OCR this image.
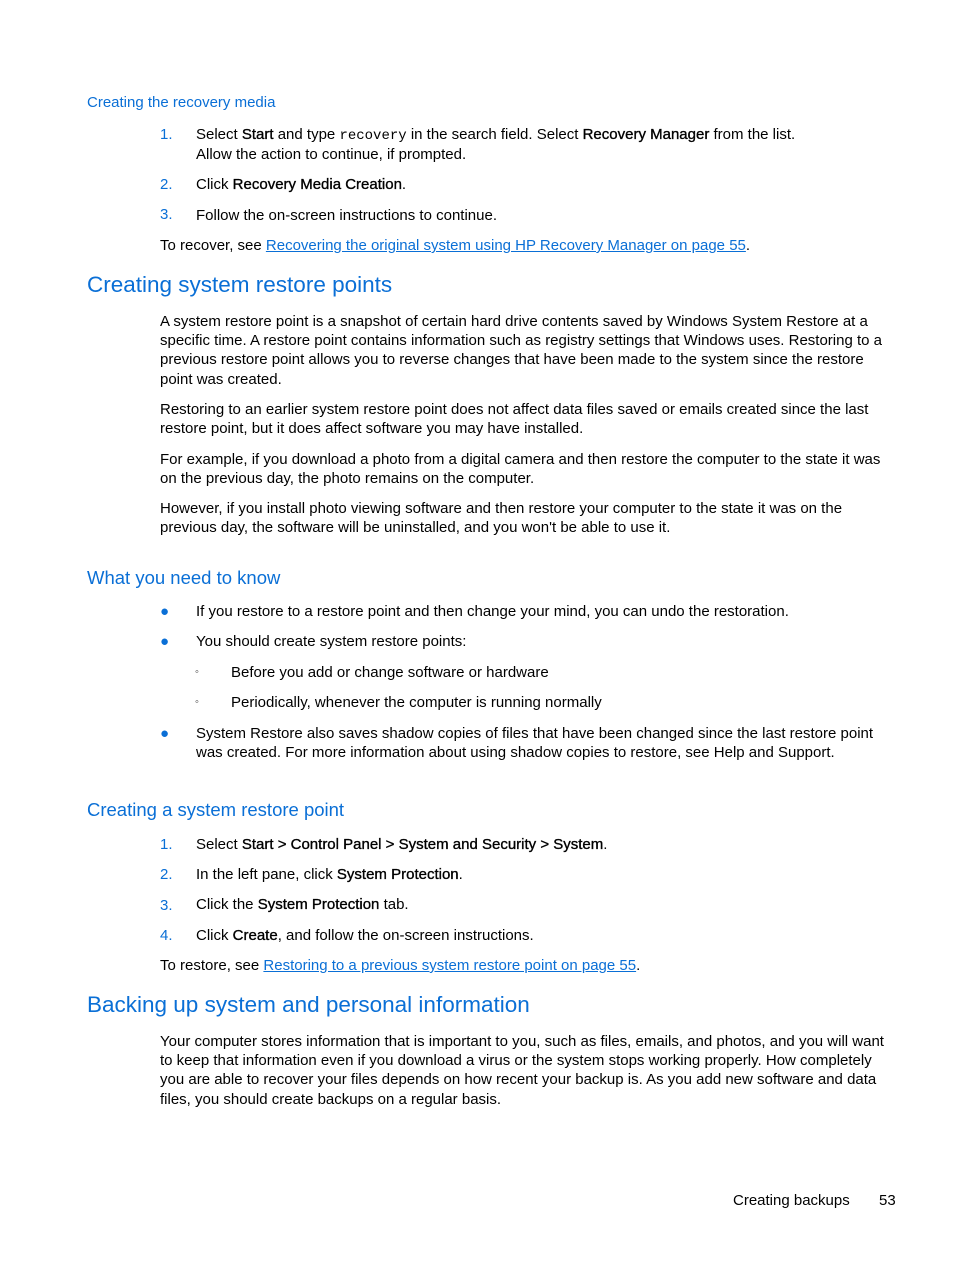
Creating the recovery media
1. Select Start and type recovery in the search field. Select Recovery Manager from the list.
Allow the action to continue, if prompted.
2. Click Recovery Media Creation.
3. Follow the on-screen instructions to continue.
To recover, see Recovering the original system using HP Recovery Manager on page 55.
Creating system restore points
A system restore point is a snapshot of certain hard drive contents saved by Windows System Restore at a specific time. A restore point contains information such as registry settings that Windows uses. Restoring to a previous restore point allows you to reverse changes that have been made to the system since the restore point was created.
Restoring to an earlier system restore point does not affect data files saved or emails created since the last restore point, but it does affect software you may have installed.
For example, if you download a photo from a digital camera and then restore the computer to the state it was on the previous day, the photo remains on the computer.
However, if you install photo viewing software and then restore your computer to the state it was on the previous day, the software will be uninstalled, and you won't be able to use it.
What you need to know
● If you restore to a restore point and then change your mind, you can undo the restoration.
● You should create system restore points:
◦ Before you add or change software or hardware
◦ Periodically, whenever the computer is running normally
● System Restore also saves shadow copies of files that have been changed since the last restore point was created. For more information about using shadow copies to restore, see Help and Support.
Creating a system restore point
1. Select Start > Control Panel > System and Security > System.
2. In the left pane, click System Protection.
3. Click the System Protection tab.
4. Click Create, and follow the on-screen instructions.
To restore, see Restoring to a previous system restore point on page 55.
Backing up system and personal information
Your computer stores information that is important to you, such as files, emails, and photos, and you will want to keep that information even if you download a virus or the system stops working properly. How completely you are able to recover your files depends on how recent your backup is. As you add new software and data files, you should create backups on a regular basis.
Creating backups 53
